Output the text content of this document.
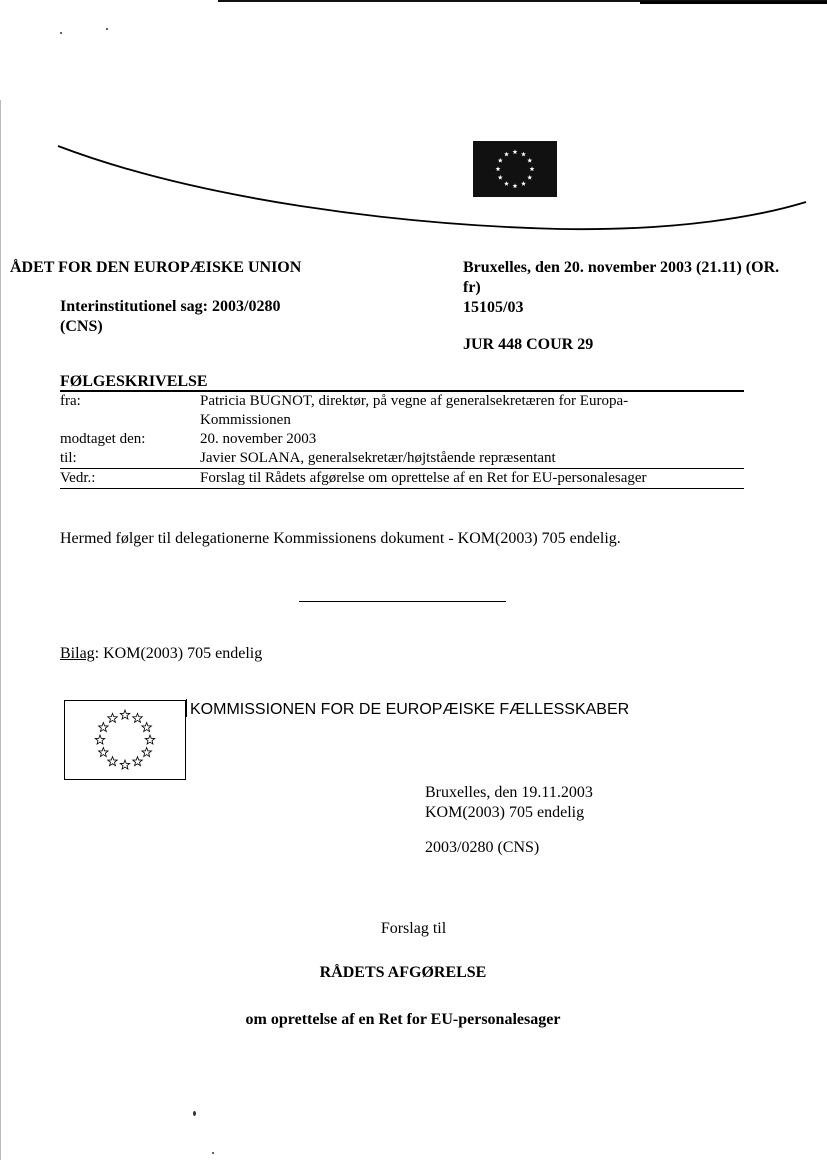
ÅDET FOR DEN EUROPÆISKE UNION	Bruxelles, den 20. november 2003 (21.11) (OR.
fr)
15105/03
Interinstitutionel sag: 2003/0280
(CNS)
JUR 448 COUR 29
FØLGESKRIVELSE
fra:	Patricia BUGNOT, direktør, på vegne af generalsekretæren for Europa-
Kommissionen

modtaget den:	20. november 2003
til:	Javier SOLANA, generalsekretær/højtstående repræsentant
Vedr.:	Forslag til Rådets afgørelse om oprettelse af en Ret for EU-personalesager
Hermed følger til delegationerne Kommissionens dokument - KOM(2003) 705 endelig.
Bilag: KOM(2003) 705 endelig
KOMMISSIONEN FOR DE EUROPÆISKE FÆLLESSKABER
Bruxelles, den 19.11.2003
KOM(2003) 705 endelig
2003/0280 (CNS)
Forslag til
RÅDETS AFGØRELSE
om oprettelse af en Ret for EU-personalesager
